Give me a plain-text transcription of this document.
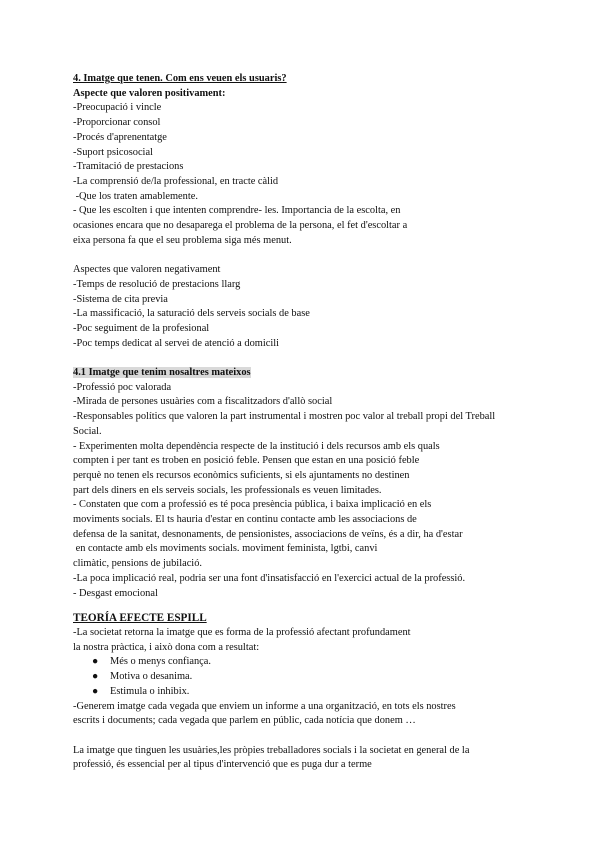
4. Imatge que tenen. Com ens veuen els usuaris?
Aspecte que valoren positivament:
-Preocupació i vincle
-Proporcionar consol
-Procés d'aprenentatge
-Suport psicosocial
-Tramitació de prestacions
-La comprensió de/la professional, en tracte càlid
-Que los traten amablemente.
- Que les escolten i que intenten comprendre- les. Importancia de la escolta, en
ocasiones encara que no desaparega el problema de la persona, el fet d'escoltar a
eixa persona fa que el seu problema siga més menut.
Aspectes que valoren negativament
-Temps de resolució de prestacions llarg
-Sistema de cita previa
-La massificació, la saturació dels serveis socials de base
-Poc seguiment de la profesional
-Poc temps dedicat al servei de atenció a domicili
4.1 Imatge que tenim nosaltres mateixos
-Professió poc valorada
-Mirada de persones usuàries com a fiscalitzadors d'allò social
-Responsables polítics que valoren la part instrumental i mostren poc valor al treball propi del Treball
Social.
- Experimenten molta dependència respecte de la institució i dels recursos amb els quals
compten i per tant es troben en posició feble. Pensen que estan en una posició feble
perquè no tenen els recursos econòmics suficients, si els ajuntaments no destinen
part dels diners en els serveis socials, les professionals es veuen limitades.
- Constaten que com a professió es té poca presència pública, i baixa implicació en els
moviments socials. El ts hauria d'estar en continu contacte amb les associacions de
defensa de la sanitat, desnonaments, de pensionistes, associacions de veïns, és a dir, ha d'estar
en contacte amb els moviments socials. moviment feminista, lgtbi, canvi
climàtic, pensions de jubilació.
-La poca implicació real, podria ser una font d'insatisfacció en l'exercici actual de la professió.
- Desgast emocional
TEORÍA EFECTE ESPILL
-La societat retorna la imatge que es forma de la professió afectant profundament
la nostra pràctica, i això dona com a resultat:
● Més o menys confiança.
● Motiva o desanima.
● Estimula o inhibix.
-Generem imatge cada vegada que enviem un informe a una organització, en tots els nostres
escrits i documents; cada vegada que parlem en públic, cada notícia que donem …
La imatge que tinguen les usuàries,les pròpies treballadores socials i la societat en general de la
professió, és essencial per al tipus d'intervenció que es puga dur a terme
